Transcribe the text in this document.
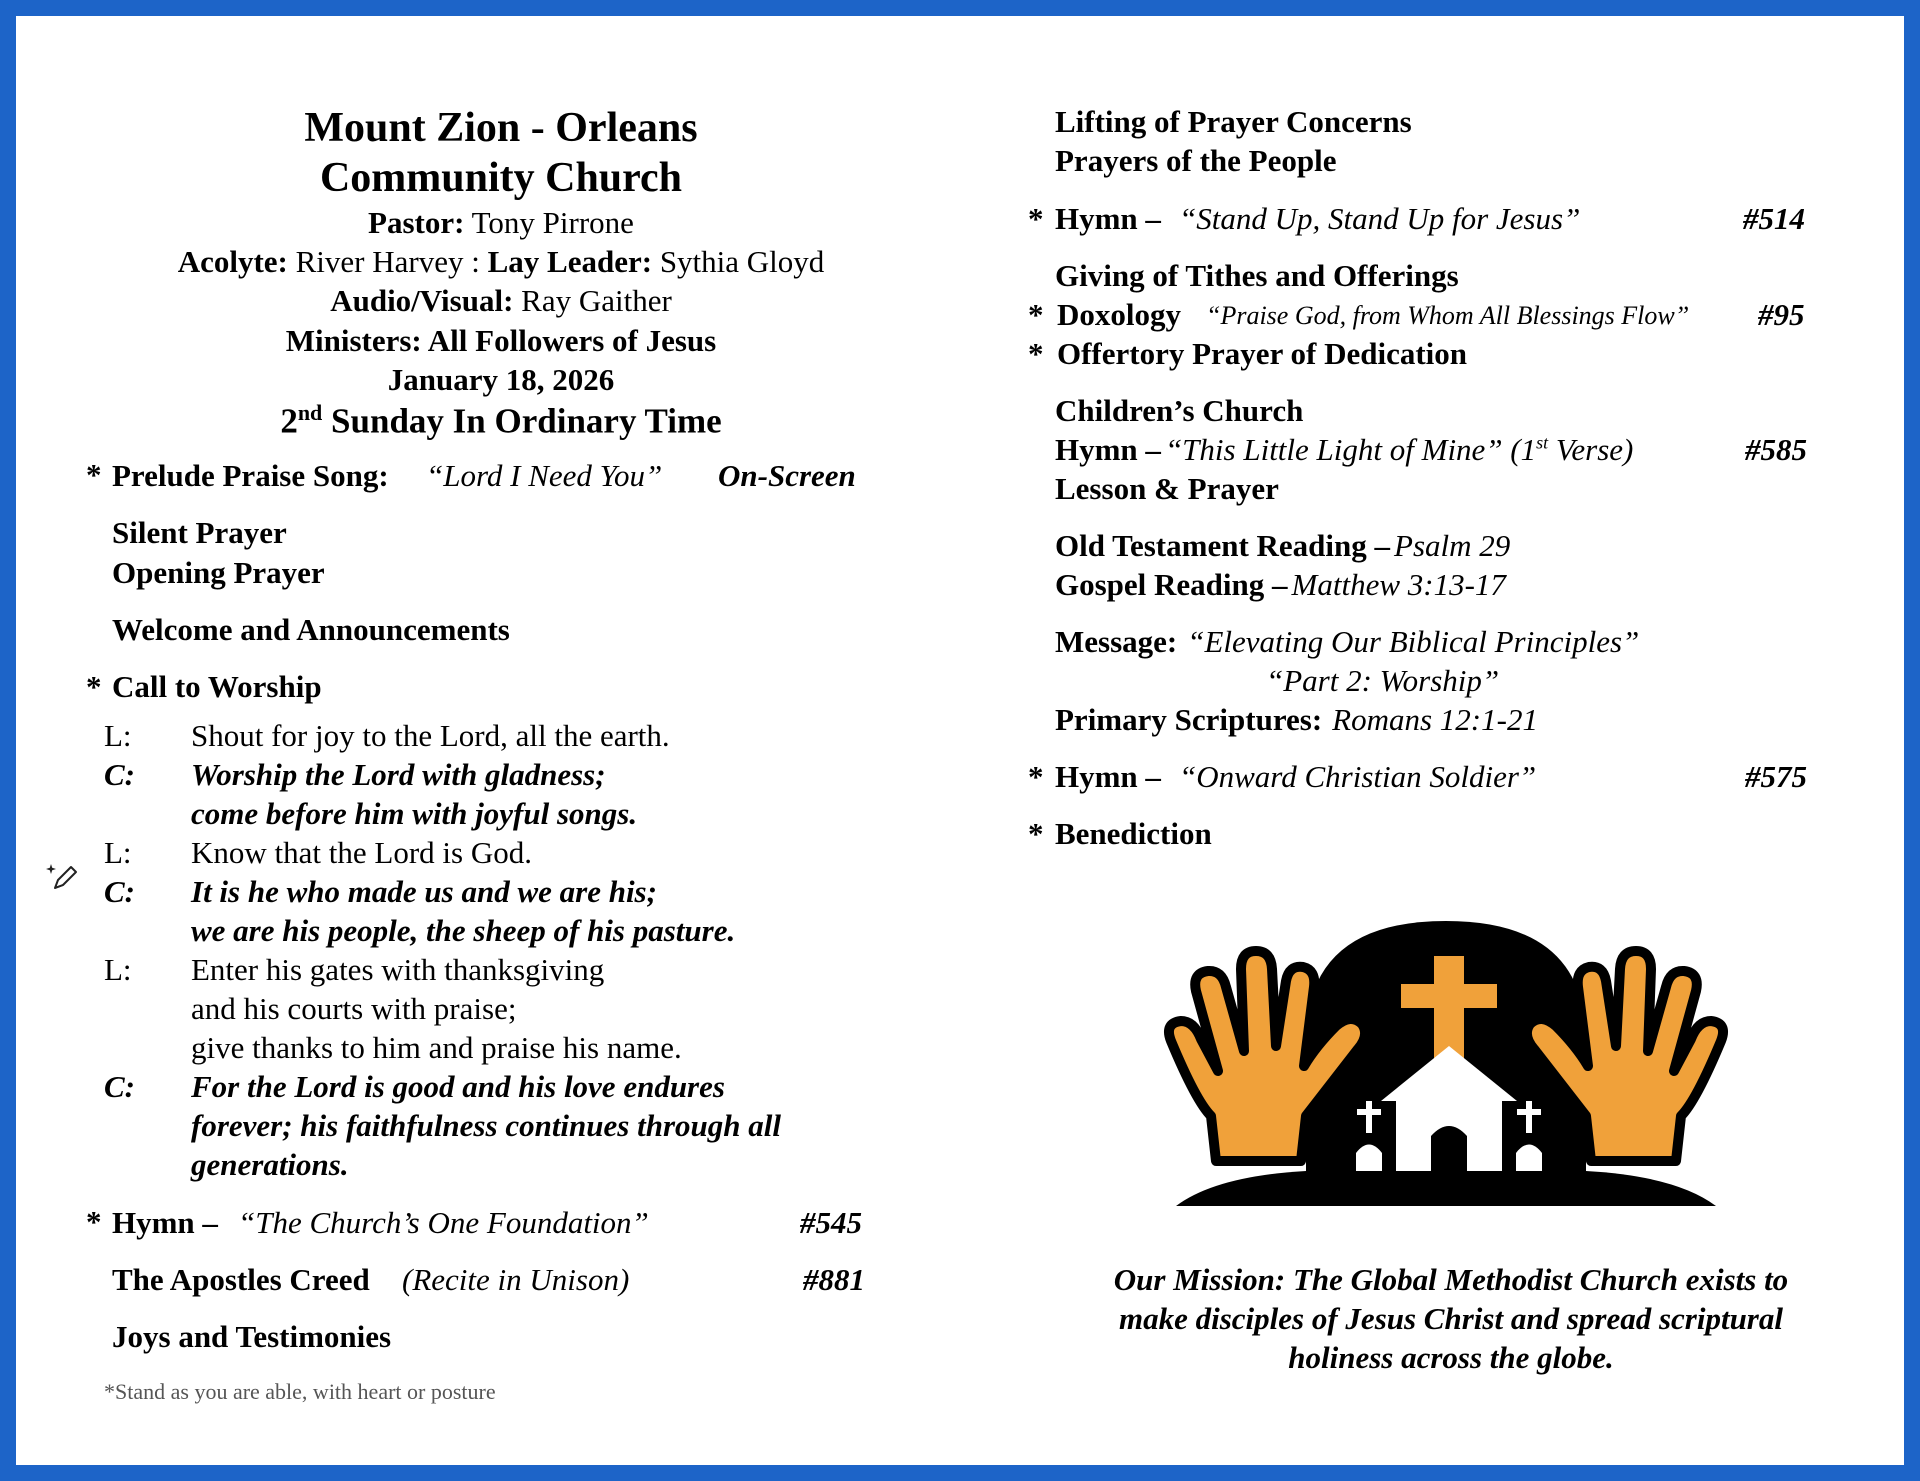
Mount Zion - Orleans
Community Church
Pastor: Tony Pirrone
Acolyte: River Harvey : Lay Leader: Sythia Gloyd
Audio/Visual: Ray Gaither
Ministers: All Followers of Jesus
January 18, 2026
2nd Sunday In Ordinary Time
* Prelude Praise Song: “Lord I Need You” On-Screen
Silent Prayer
Opening Prayer
Welcome and Announcements
* Call to Worship
L: Shout for joy to the Lord, all the earth.
C: Worship the Lord with gladness;
come before him with joyful songs.
L: Know that the Lord is God.
C: It is he who made us and we are his;
we are his people, the sheep of his pasture.
L: Enter his gates with thanksgiving
and his courts with praise;
give thanks to him and praise his name.
C: For the Lord is good and his love endures
forever; his faithfulness continues through all
generations.
* Hymn – “The Church’s One Foundation”	#545
The Apostles Creed (Recite in Unison)	#881
Joys and Testimonies
*Stand as you are able, with heart or posture
Lifting of Prayer Concerns
Prayers of the People
* Hymn – “Stand Up, Stand Up for Jesus”	#514
Giving of Tithes and Offerings
* Doxology “Praise God, from Whom All Blessings Flow” #95
* Offertory Prayer of Dedication
Children’s Church
Hymn – “This Little Light of Mine” (1st Verse)	#585
Lesson & Prayer
Old Testament Reading – Psalm 29
Gospel Reading – Matthew 3:13-17
Message: “Elevating Our Biblical Principles”
“Part 2: Worship”
Primary Scriptures: Romans 12:1-21
* Hymn – “Onward Christian Soldier”	#575
* Benediction
Our Mission: The Global Methodist Church exists to
make disciples of Jesus Christ and spread scriptural
holiness across the globe.
